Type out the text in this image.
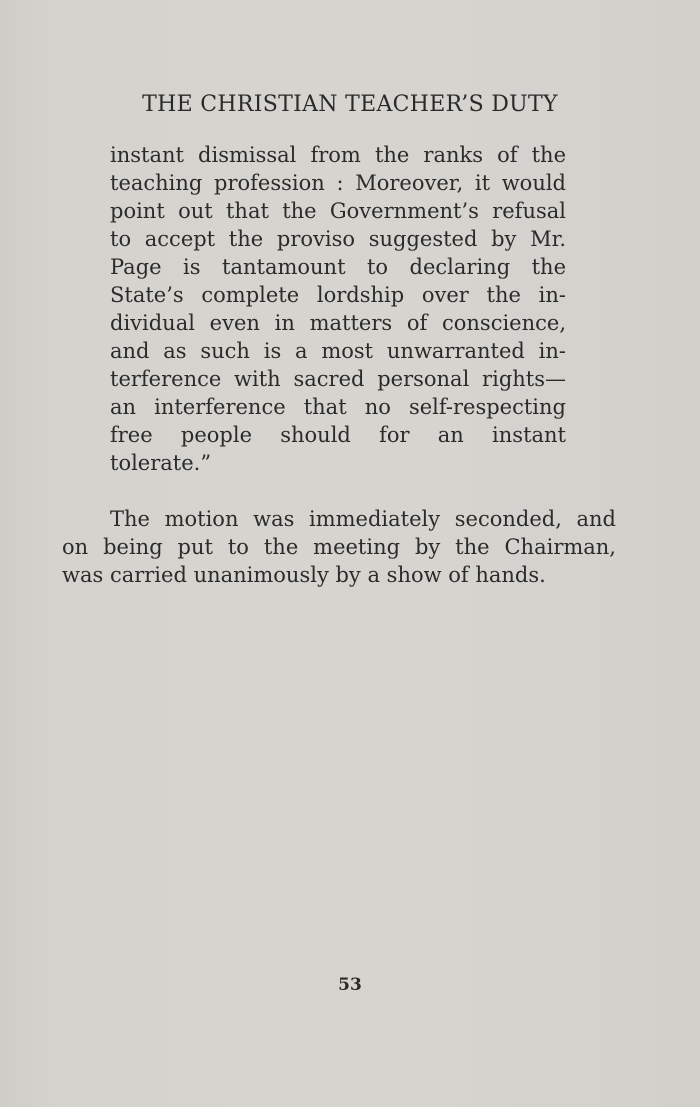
THE CHRISTIAN TEACHER’S DUTY
instant dismissal from the ranks of the
teaching profession : Moreover, it would
point out that the Government’s refusal
to accept the proviso suggested by Mr.
Page is tantamount to declaring the
State’s complete lordship over the in-
dividual even in matters of conscience,
and as such is a most unwarranted in-
terference with sacred personal rights—
an interference that no self-respecting
free people should for an instant
tolerate.”
The motion was immediately seconded, and
on being put to the meeting by the Chairman,
was carried unanimously by a show of hands.
53
